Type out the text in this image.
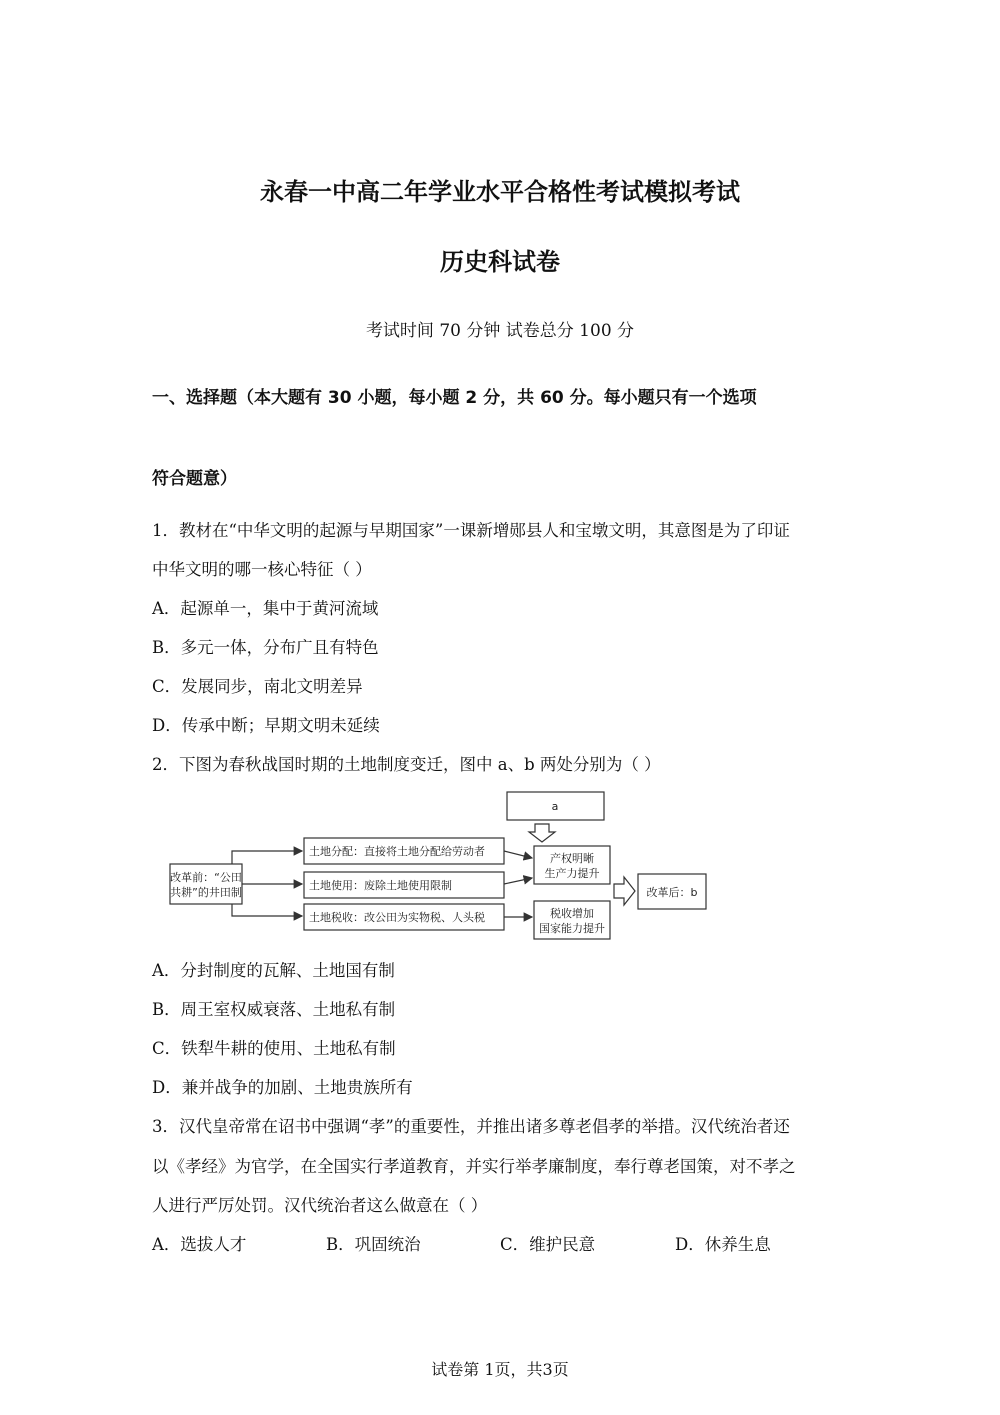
永春一中高二年学业水平合格性考试模拟考试
历史科试卷
考试时间 70 分钟 试卷总分 100 分
一、选择题（本大题有 30 小题，每小题 2 分，共 60 分。每小题只有一个选项
符合题意）
1．教材在“中华文明的起源与早期国家”一课新增郧县人和宝墩文明，其意图是为了印证
中华文明的哪一核心特征（ ）
A．起源单一，集中于黄河流域
B．多元一体，分布广且有特色
C．发展同步，南北文明差异
D．传承中断；早期文明未延续
2．下图为春秋战国时期的土地制度变迁，图中 a、b 两处分别为（ ）
a
改革前：“公田
共耕”的井田制
土地分配：直接将土地分配给劳动者
土地使用：废除土地使用限制
土地税收：改公田为实物税、人头税
产权明晰
生产力提升
税收增加
国家能力提升
改革后：b
A．分封制度的瓦解、土地国有制
B．周王室权威衰落、土地私有制
C．铁犁牛耕的使用、土地私有制
D．兼并战争的加剧、土地贵族所有
3．汉代皇帝常在诏书中强调“孝”的重要性，并推出诸多尊老倡孝的举措。汉代统治者还
以《孝经》为官学，在全国实行孝道教育，并实行举孝廉制度，奉行尊老国策，对不孝之
人进行严厉处罚。汉代统治者这么做意在（ ）
A．选拔人才	B．巩固统治	C．维护民意	D．休养生息
试卷第 1页，共3页
